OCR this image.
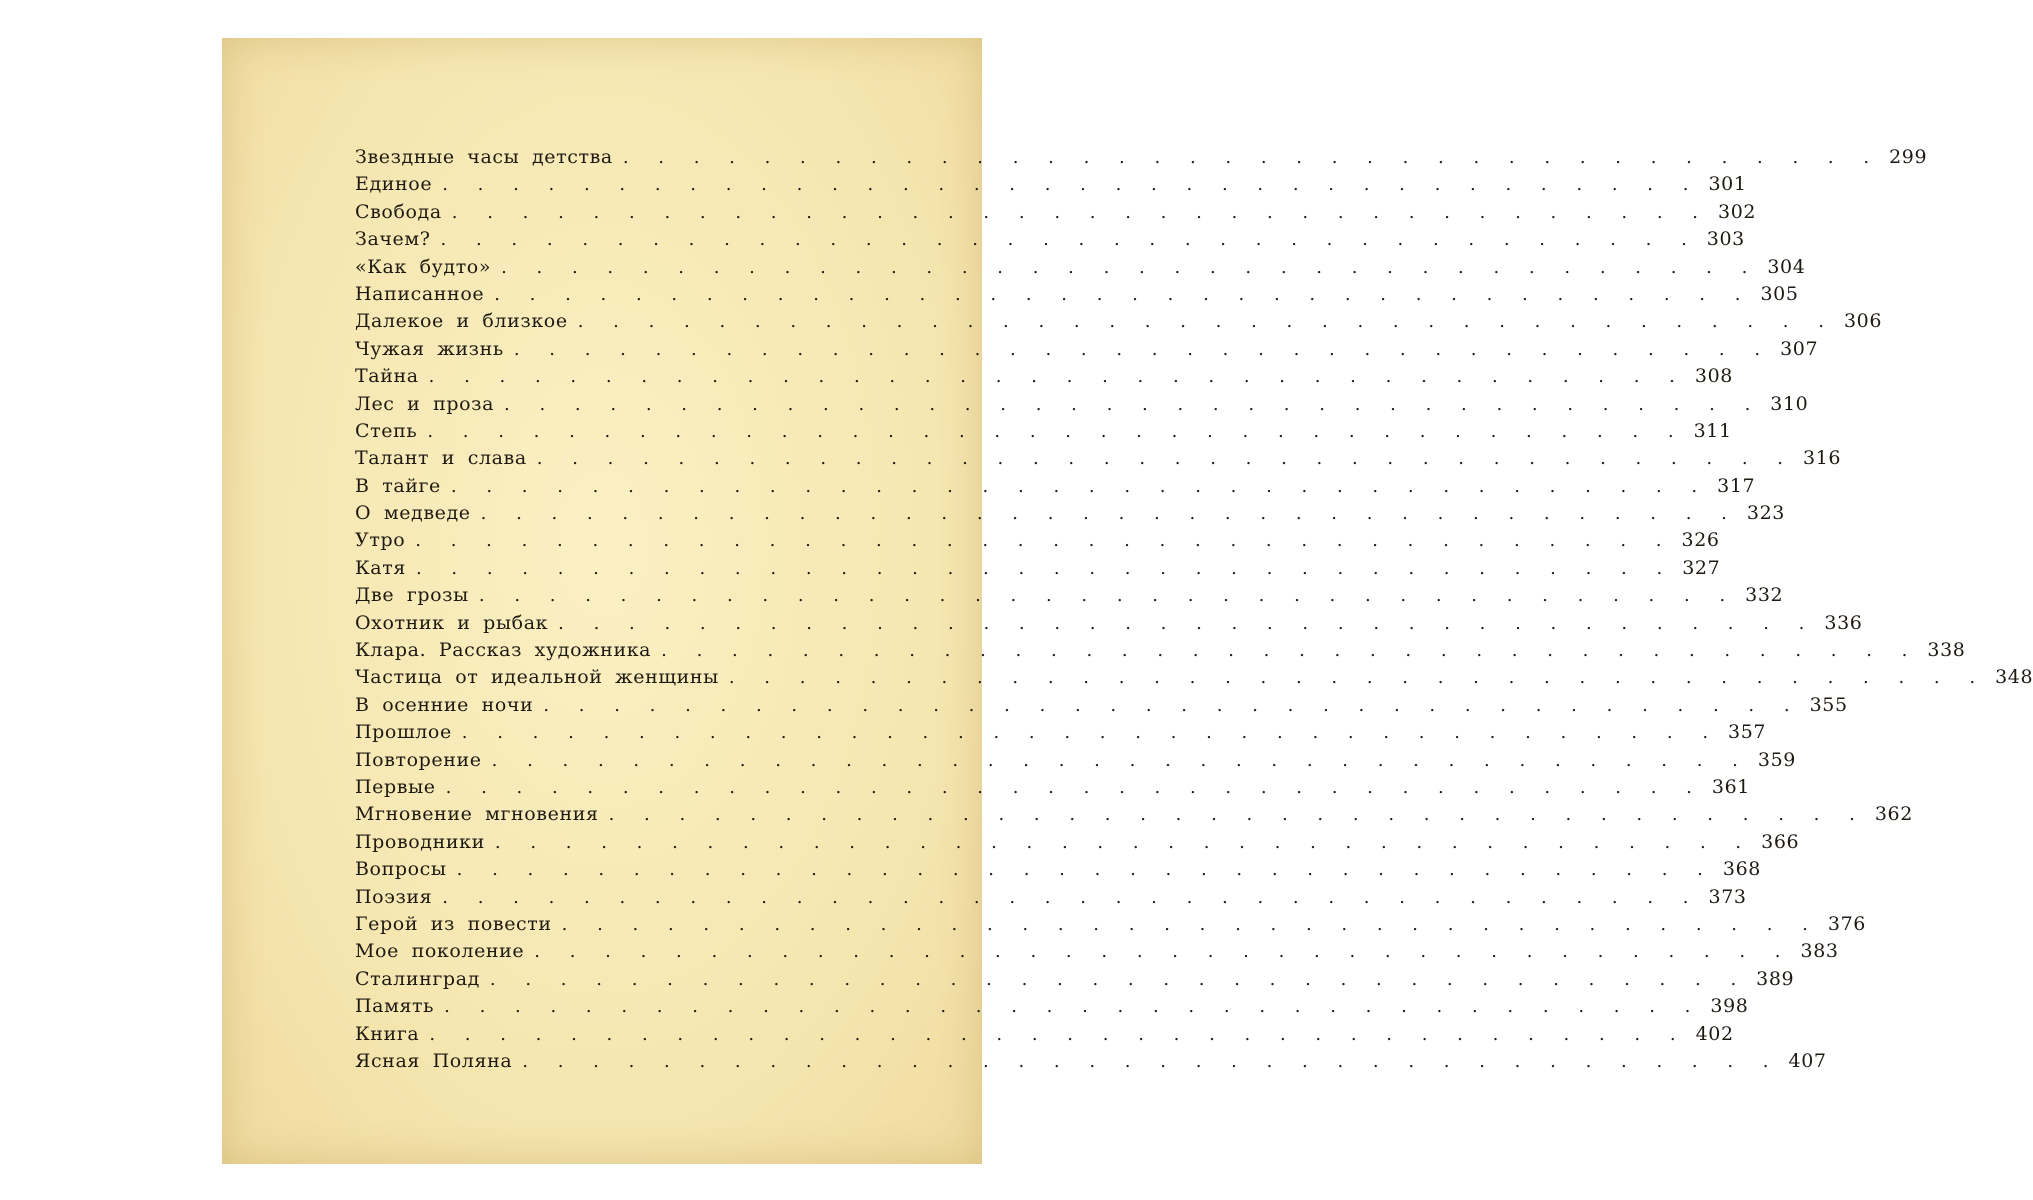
Звездные часы детства . . . . . . . . . . . . . . . . . . . . . . . . . . . . . . . . . . . . 299
Единое . . . . . . . . . . . . . . . . . . . . . . . . . . . . . . . . . . . . 301
Свобода . . . . . . . . . . . . . . . . . . . . . . . . . . . . . . . . . . . . 302
Зачем? . . . . . . . . . . . . . . . . . . . . . . . . . . . . . . . . . . . . 303
«Как будто» . . . . . . . . . . . . . . . . . . . . . . . . . . . . . . . . . . . . 304
Написанное . . . . . . . . . . . . . . . . . . . . . . . . . . . . . . . . . . . . 305
Далекое и близкое . . . . . . . . . . . . . . . . . . . . . . . . . . . . . . . . . . . . 306
Чужая жизнь . . . . . . . . . . . . . . . . . . . . . . . . . . . . . . . . . . . . 307
Тайна . . . . . . . . . . . . . . . . . . . . . . . . . . . . . . . . . . . . 308
Лес и проза . . . . . . . . . . . . . . . . . . . . . . . . . . . . . . . . . . . . 310
Степь . . . . . . . . . . . . . . . . . . . . . . . . . . . . . . . . . . . . 311
Талант и слава . . . . . . . . . . . . . . . . . . . . . . . . . . . . . . . . . . . . 316
В тайге . . . . . . . . . . . . . . . . . . . . . . . . . . . . . . . . . . . . 317
О медведе . . . . . . . . . . . . . . . . . . . . . . . . . . . . . . . . . . . . 323
Утро . . . . . . . . . . . . . . . . . . . . . . . . . . . . . . . . . . . . 326
Катя . . . . . . . . . . . . . . . . . . . . . . . . . . . . . . . . . . . . 327
Две грозы . . . . . . . . . . . . . . . . . . . . . . . . . . . . . . . . . . . . 332
Охотник и рыбак . . . . . . . . . . . . . . . . . . . . . . . . . . . . . . . . . . . . 336
Клара. Рассказ художника . . . . . . . . . . . . . . . . . . . . . . . . . . . . . . . . . . . . 338
Частица от идеальной женщины . . . . . . . . . . . . . . . . . . . . . . . . . . . . . . . . . . . . 348
В осенние ночи . . . . . . . . . . . . . . . . . . . . . . . . . . . . . . . . . . . . 355
Прошлое . . . . . . . . . . . . . . . . . . . . . . . . . . . . . . . . . . . . 357
Повторение . . . . . . . . . . . . . . . . . . . . . . . . . . . . . . . . . . . . 359
Первые . . . . . . . . . . . . . . . . . . . . . . . . . . . . . . . . . . . . 361
Мгновение мгновения . . . . . . . . . . . . . . . . . . . . . . . . . . . . . . . . . . . . 362
Проводники . . . . . . . . . . . . . . . . . . . . . . . . . . . . . . . . . . . . 366
Вопросы . . . . . . . . . . . . . . . . . . . . . . . . . . . . . . . . . . . . 368
Поэзия . . . . . . . . . . . . . . . . . . . . . . . . . . . . . . . . . . . . 373
Герой из повести . . . . . . . . . . . . . . . . . . . . . . . . . . . . . . . . . . . . 376
Мое поколение . . . . . . . . . . . . . . . . . . . . . . . . . . . . . . . . . . . . 383
Сталинград . . . . . . . . . . . . . . . . . . . . . . . . . . . . . . . . . . . . 389
Память . . . . . . . . . . . . . . . . . . . . . . . . . . . . . . . . . . . . 398
Книга . . . . . . . . . . . . . . . . . . . . . . . . . . . . . . . . . . . . 402
Ясная Поляна . . . . . . . . . . . . . . . . . . . . . . . . . . . . . . . . . . . . 407
